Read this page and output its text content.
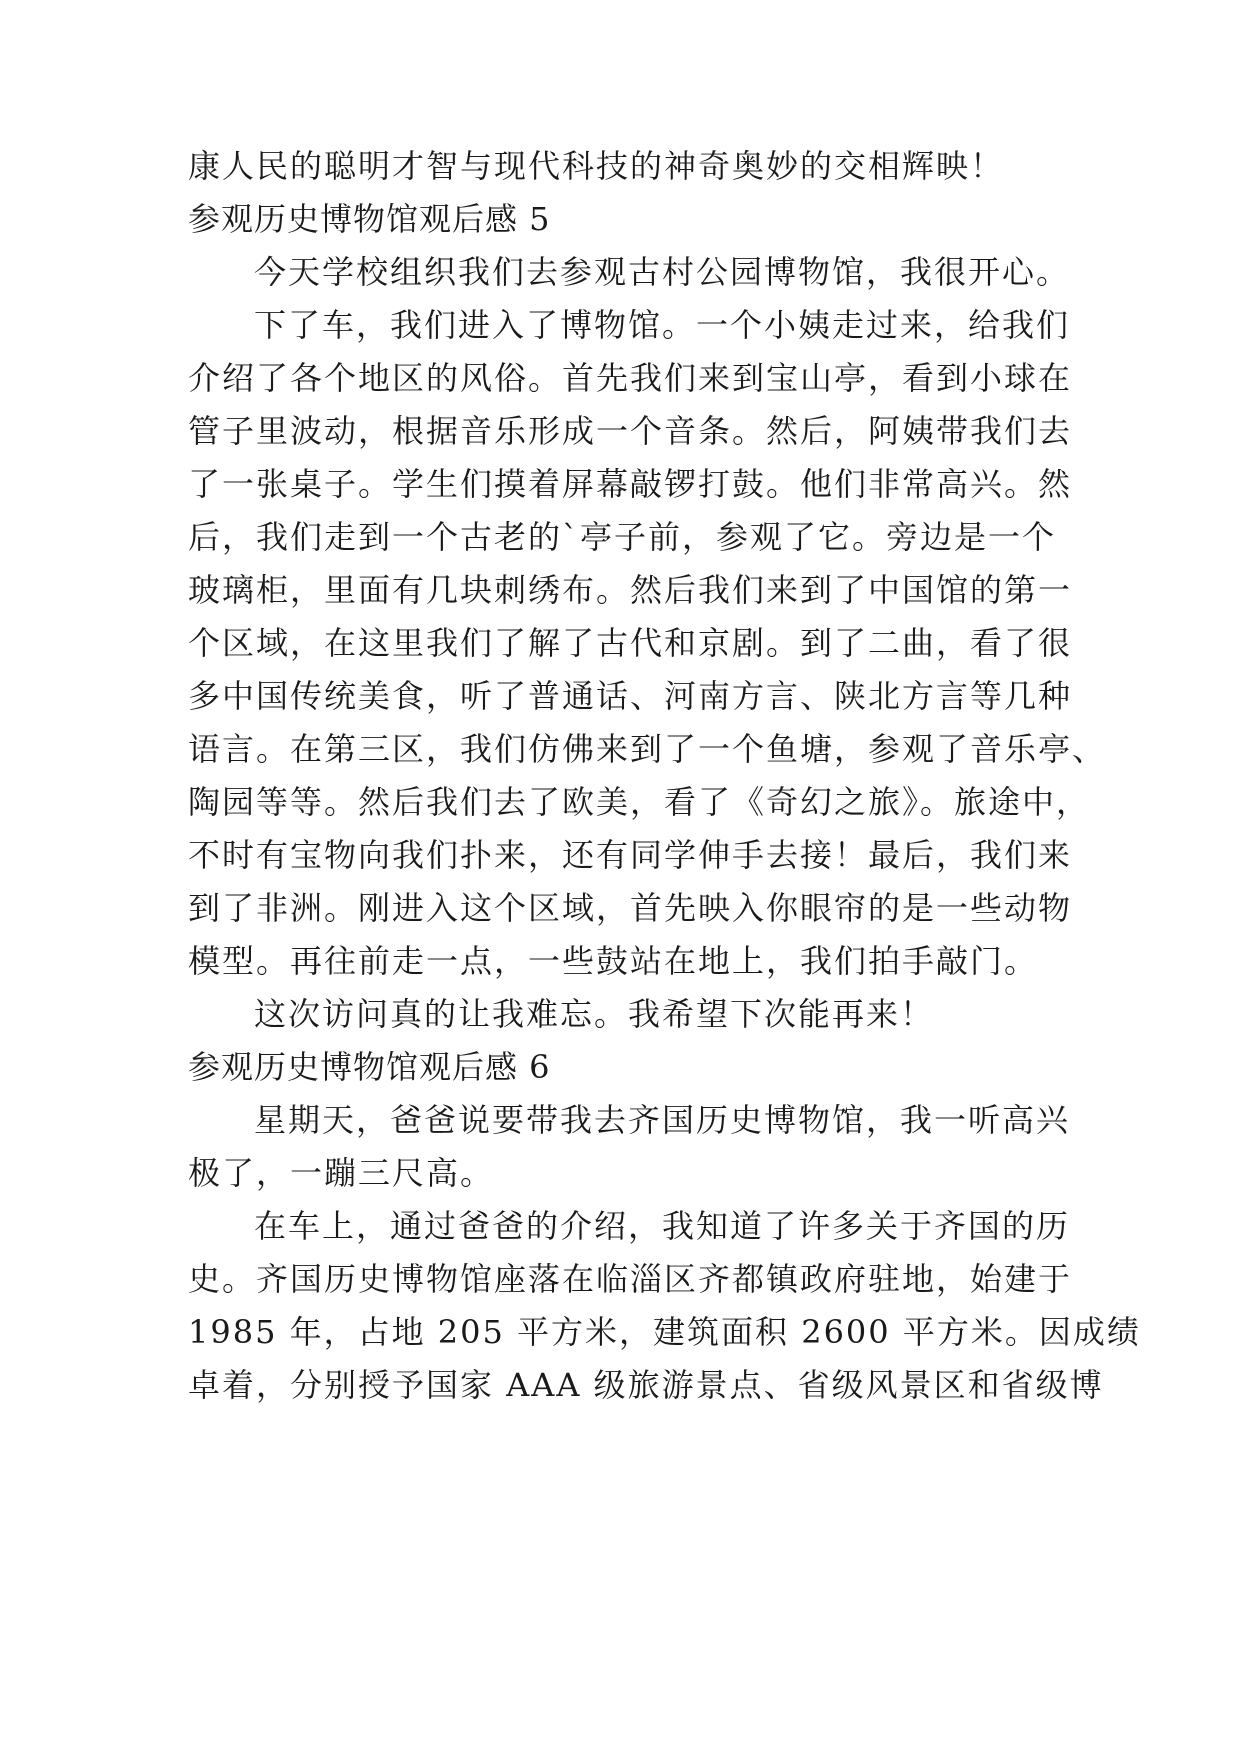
康人民的聪明才智与现代科技的神奇奥妙的交相辉映！
参观历史博物馆观后感 5
今天学校组织我们去参观古村公园博物馆，我很开心。
下了车，我们进入了博物馆。一个小姨走过来，给我们
介绍了各个地区的风俗。首先我们来到宝山亭，看到小球在
管子里波动，根据音乐形成一个音条。然后，阿姨带我们去
了一张桌子。学生们摸着屏幕敲锣打鼓。他们非常高兴。然
后，我们走到一个古老的`亭子前，参观了它。旁边是一个
玻璃柜，里面有几块刺绣布。然后我们来到了中国馆的第一
个区域，在这里我们了解了古代和京剧。到了二曲，看了很
多中国传统美食，听了普通话、河南方言、陕北方言等几种
语言。在第三区，我们仿佛来到了一个鱼塘，参观了音乐亭、
陶园等等。然后我们去了欧美，看了《奇幻之旅》。旅途中，
不时有宝物向我们扑来，还有同学伸手去接！最后，我们来
到了非洲。刚进入这个区域，首先映入你眼帘的是一些动物
模型。再往前走一点，一些鼓站在地上，我们拍手敲门。
这次访问真的让我难忘。我希望下次能再来！
参观历史博物馆观后感 6
星期天，爸爸说要带我去齐国历史博物馆，我一听高兴
极了，一蹦三尺高。
在车上，通过爸爸的介绍，我知道了许多关于齐国的历
史。齐国历史博物馆座落在临淄区齐都镇政府驻地，始建于
1985 年，占地 205 平方米，建筑面积 2600 平方米。因成绩
卓着，分别授予国家 AAA 级旅游景点、省级风景区和省级博
